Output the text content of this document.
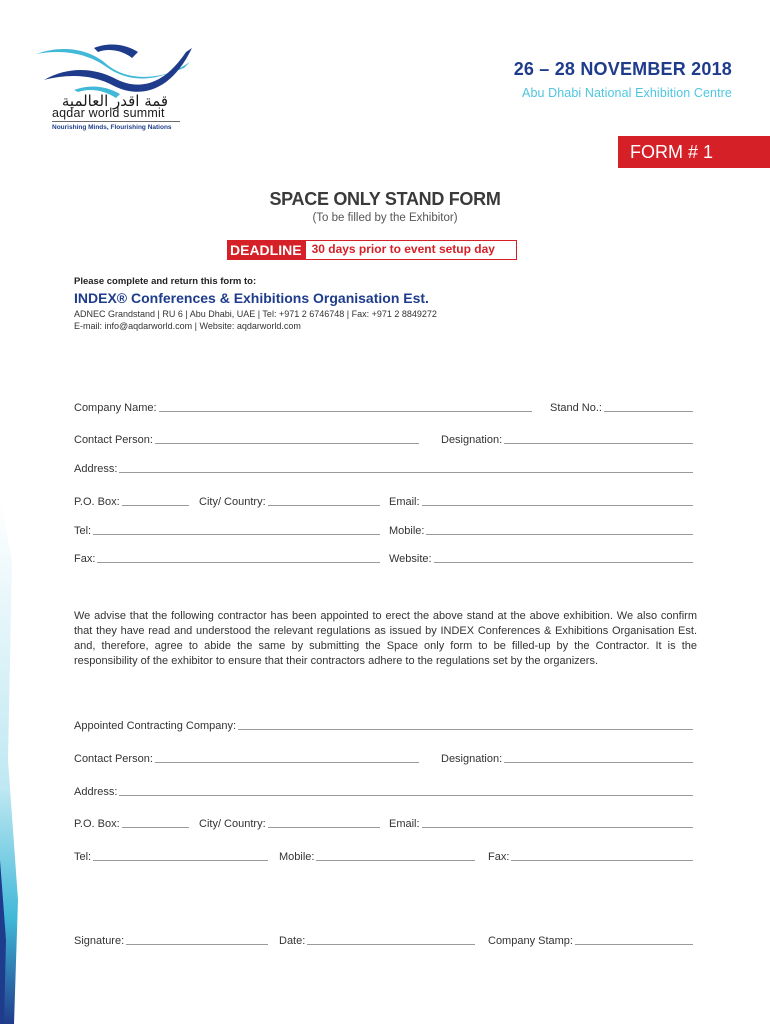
قمة اقدر العالمية
aqdar world summit
Nourishing Minds, Flourishing Nations
26 – 28 NOVEMBER 2018
Abu Dhabi National Exhibition Centre
FORM # 1
SPACE ONLY STAND FORM
(To be filled by the Exhibitor)
DEADLINE 30 days prior to event setup day
Please complete and return this form to:
INDEX® Conferences & Exhibitions Organisation Est.
ADNEC Grandstand | RU 6 | Abu Dhabi, UAE | Tel: +971 2 6746748 | Fax: +971 2 8849272
E-mail: info@aqdarworld.com | Website: aqdarworld.com
Company Name:	Stand No.:
Contact Person:	Designation:
Address:
P.O. Box:	City/ Country:	Email:
Tel:	Mobile:
Fax:	Website:
We advise that the following contractor has been appointed to erect the above stand at the above exhibition. We also confirm that they have read and understood the relevant regulations as issued by INDEX Conferences & Exhibitions Organisation Est. and, therefore, agree to abide the same by submitting the Space only form to be filled-up by the Contractor. It is the responsibility of the exhibitor to ensure that their contractors adhere to the regulations set by the organizers.
Appointed Contracting Company:
Contact Person:	Designation:
Address:
P.O. Box:	City/ Country:	Email:
Tel:	Mobile:	Fax:
Signature:	Date:	Company Stamp:
